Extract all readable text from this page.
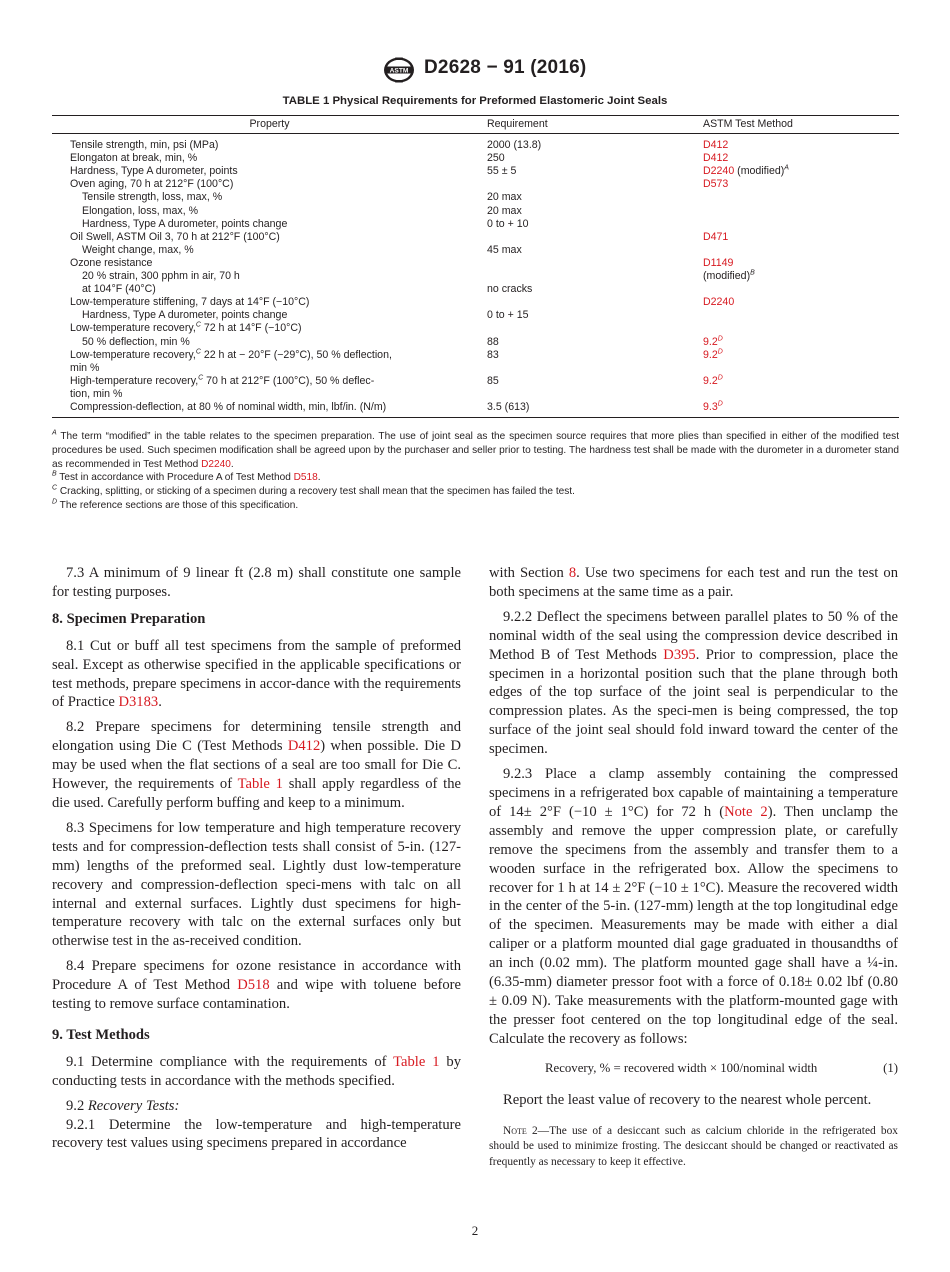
ASTM D2628 − 91 (2016)
TABLE 1 Physical Requirements for Preformed Elastomeric Joint Seals
Property	Requirement	ASTM Test Method
Tensile strength, min, psi (MPa)	2000 (13.8)	D412
Elongaton at break, min, %	250	D412
Hardness, Type A durometer, points	55 ± 5	D2240 (modified)$^A$
Oven aging, 70 h at 212°F (100°C)		D573
Tensile strength, loss, max, %	20 max	
Elongation, loss, max, %	20 max	
Hardness, Type A durometer, points change	0 to + 10	
Oil Swell, ASTM Oil 3, 70 h at 212°F (100°C)		D471
Weight change, max, %	45 max	
Ozone resistance		D1149
20 % strain, 300 pphm in air, 70 h		(modified)$^B$
at 104°F (40°C)	no cracks	
Low-temperature stiffening, 7 days at 14°F (−10°C)		D2240
Hardness, Type A durometer, points change	0 to + 15	
Low-temperature recovery,$^C$ 72 h at 14°F (−10°C)		
50 % deflection, min %	88	$9.2^D$
Low-temperature recovery,$^C$ 22 h at − 20°F (−29°C), 50 % deflection,
min %	83	$9.2^D$
High-temperature recovery,$^C$ 70 h at 212°F (100°C), 50 % deflec-
tion, min %	85	$9.2^D$
Compression-deflection, at 80 % of nominal width, min, lbf/in. (N/m)	3.5 (613)	$9.3^D$

$^A$ The term “modified” in the table relates to the specimen preparation. The use of joint seal as the specimen source requires that more plies than specified in either of the modified test procedures be used. Such specimen modification shall be agreed upon by the purchaser and seller prior to testing. The hardness test shall be made with the durometer in a durometer stand as recommended in Test Method D2240.

$^B$ Test in accordance with Procedure A of Test Method D518.

$^C$ Cracking, splitting, or sticking of a specimen during a recovery test shall mean that the specimen has failed the test.

$^D$ The reference sections are those of this specification.

7.3 A minimum of 9 linear ft (2.8 m) shall constitute one sample for testing purposes.

8. Specimen Preparation

8.1 Cut or buff all test specimens from the sample of preformed seal. Except as otherwise specified in the applicable specifications or test methods, prepare specimens in accor-dance with the requirements of Practice D3183.

8.2 Prepare specimens for determining tensile strength and elongation using Die C (Test Methods D412) when possible. Die D may be used when the flat sections of a seal are too small for Die C. However, the requirements of Table 1 shall apply regardless of the die used. Carefully perform buffing and keep to a minimum.

8.3 Specimens for low temperature and high temperature recovery tests and for compression-deflection tests shall consist of 5-in. (127-mm) lengths of the preformed seal. Lightly dust low-temperature recovery and compression-deflection speci-mens with talc on all internal and external surfaces. Lightly dust specimens for high-temperature recovery with talc on the external surfaces only but otherwise test in the as-received condition.

8.4 Prepare specimens for ozone resistance in accordance with Procedure A of Test Method D518 and wipe with toluene before testing to remove surface contamination.

9. Test Methods

9.1 Determine compliance with the requirements of Table 1 by conducting tests in accordance with the methods specified.

9.2 Recovery Tests:

9.2.1 Determine the low-temperature and high-temperature recovery test values using specimens prepared in accordance

with Section 8. Use two specimens for each test and run the test on both specimens at the same time as a pair.

9.2.2 Deflect the specimens between parallel plates to 50 % of the nominal width of the seal using the compression device described in Method B of Test Methods D395. Prior to compression, place the specimen in a horizontal position such that the plane through both edges of the top surface of the joint seal is perpendicular to the compression plates. As the speci-men is being compressed, the top surface of the joint seal should fold inward toward the center of the specimen.

9.2.3 Place a clamp assembly containing the compressed specimens in a refrigerated box capable of maintaining a temperature of 14± 2°F (−10 ± 1°C) for 72 h (Note 2). Then unclamp the assembly and remove the upper compression plate, or carefully remove the specimens from the assembly and transfer them to a wooden surface in the refrigerated box. Allow the specimens to recover for 1 h at 14 ± 2°F (−10 ± 1°C). Measure the recovered width in the center of the 5-in. (127-mm) length at the top longitudinal edge of the specimen. Measurements may be made with either a dial caliper or a platform mounted dial gage graduated in thousandths of an inch (0.02 mm). The platform mounted gage shall have a ¼-in. (6.35-mm) diameter pressor foot with a force of 0.18± 0.02 lbf (0.80 ± 0.09 N). Take measurements with the platform-mounted gage with the presser foot centered on the top longitudinal edge of the seal. Calculate the recovery as follows:

Recovery, % = recovered width × 100/nominal width	(1)

Report the least value of recovery to the nearest whole percent.

Note 2—The use of a desiccant such as calcium chloride in the refrigerated box should be used to minimize frosting. The desiccant should be changed or reactivated as frequently as necessary to keep it effective.

2
